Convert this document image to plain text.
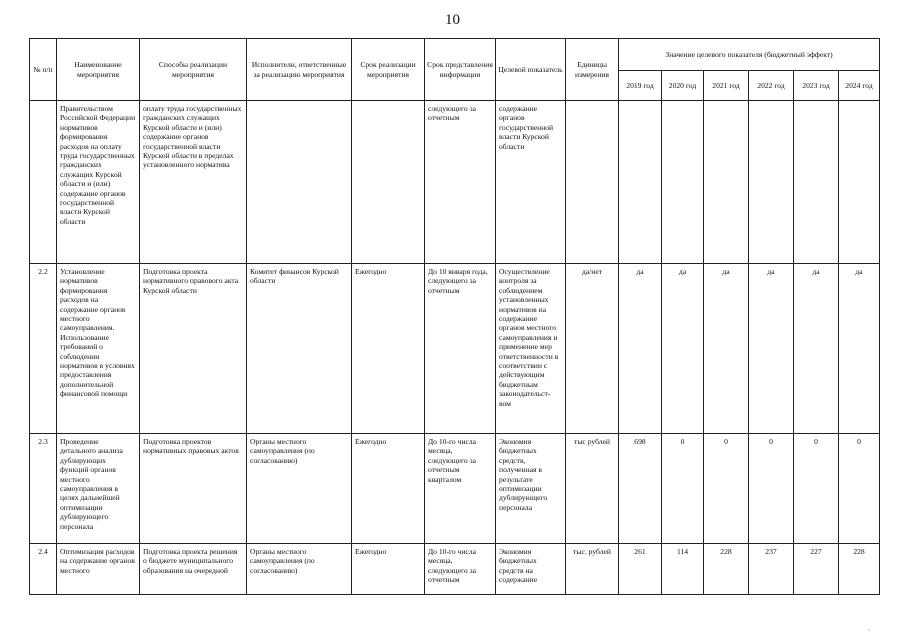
10
№ п/п	Наименование мероприятия	Способы реализации мероприятия	Исполнители, ответственные за реализацию мероприятия	Срок реализации мероприятия	Срок представления информации	Целевой показатель	Единицы измерения	Значение целевого показателя (бюджетный эффект)					
								2019 год	2020 год	2021 год	2022 год	2023 год	2024 год
	Правительством Российской Федерации нормативов формирования расходов на оплату труда государственных гражданских служащих Курской области и (или) содержание органов государственной власти Курской области	оплату труда государственных гражданских служащих Курской области и (или) содержание органов государственной власти Курской области в пределах установленного норматива			следующего за отчетным	содержание органов государственной власти Курской области							
2.2	Установление нормативов формирования расходов на содержание органов местного самоуправления. Использование требований о соблюдении нормативов в условиях предоставления дополнительной финансовой помощи	Подготовка проекта нормативного правового акта Курской области	Комитет финансов Курской области	Ежегодно	До 10 января года, следующего за отчетным	Осуществление контроля за соблюдением установленных нормативов на содержание органов местного самоуправления и применение мер ответственности в соответствии с действующим бюджетным законодательст-вом	да/нет	да	да	да	да	да	да
2.3	Проведение детального анализа дублирующих функций органов местного самоуправления в целях дальнейшей оптимизации дублирующего персонала	Подготовка проектов нормативных правовых актов	Органы местного самоуправления (по согласованию)	Ежегодно	До 10-го числа месяца, следующего за отчетным кварталом	Экономия бюджетных средств, полученная в результате оптимизации дублирующего персонала	тыс рублей	698	0	0	0	0	0
2.4	Оптимизация расходов на содержание органов местного	Подготовка проекта решения о бюджете муниципального образования на очередной	Органы местного самоуправления (по согласованию)	Ежегодно	До 10-го числа месяца, следующего за отчетным	Экономия бюджетных средств на содержание	тыс. рублей	261	114	228	237	227	228
.
